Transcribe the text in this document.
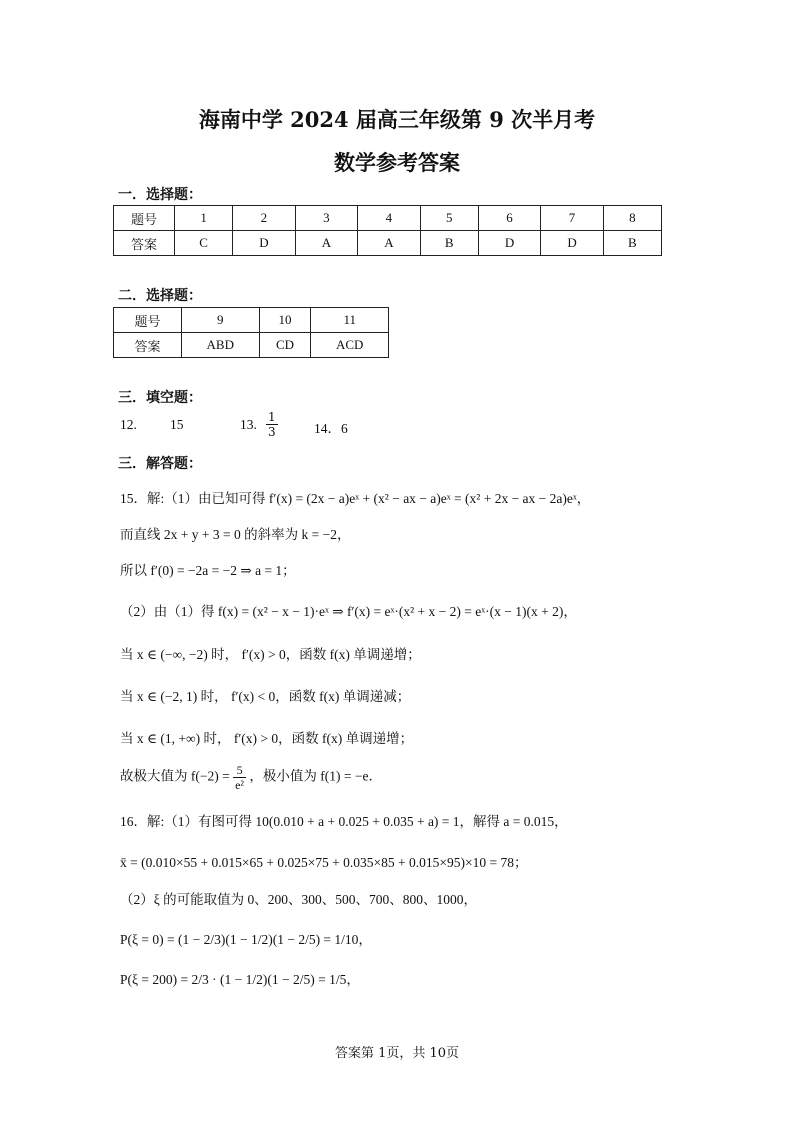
海南中学 2024 届高三年级第 9 次半月考
数学参考答案
一．选择题：
题号	1	2	3	4	5	6	7	8
答案	C	D	A	A	B	D	D	B
二．选择题：
题号	9	10	11
答案	ABD	CD	ACD
三．填空题：
12. 15	13. $\frac{1}{3}$	14．6
三．解答题：
15．解:（1）由已知可得 f′(x) = (2x − a)eˣ + (x² − ax − a)eˣ = (x² + 2x − ax − 2a)eˣ，
而直线 2x + y + 3 = 0 的斜率为 k = −2，
所以 f′(0) = −2a = −2 ⇒ a = 1；
（2）由（1）得 f(x) = (x² − x − 1)·eˣ ⇒ f′(x) = eˣ·(x² + x − 2) = eˣ·(x − 1)(x + 2)，
当 x ∈ (−∞, −2) 时， f′(x) > 0，函数 f(x) 单调递增；
当 x ∈ (−2, 1) 时， f′(x) < 0，函数 f(x) 单调递减；
当 x ∈ (1, +∞) 时， f′(x) > 0，函数 f(x) 单调递增；
故极大值为 $f(-2) = \frac{5}{\text{e²}}$ ，极小值为 f(1) = −e．
16．解:（1）有图可得 10(0.010 + a + 0.025 + 0.035 + a) = 1，解得 a = 0.015，
x̄ = (0.010×55 + 0.015×65 + 0.025×75 + 0.035×85 + 0.015×95)×10 = 78；
（2）ξ 的可能取值为 0、200、300、500、700、800、1000，
P(ξ = 0) = (1 − 2/3)(1 − 1/2)(1 − 2/5) = 1/10，
P(ξ = 200) = 2/3 · (1 − 1/2)(1 − 2/5) = 1/5，
答案第 1页，共 10页
